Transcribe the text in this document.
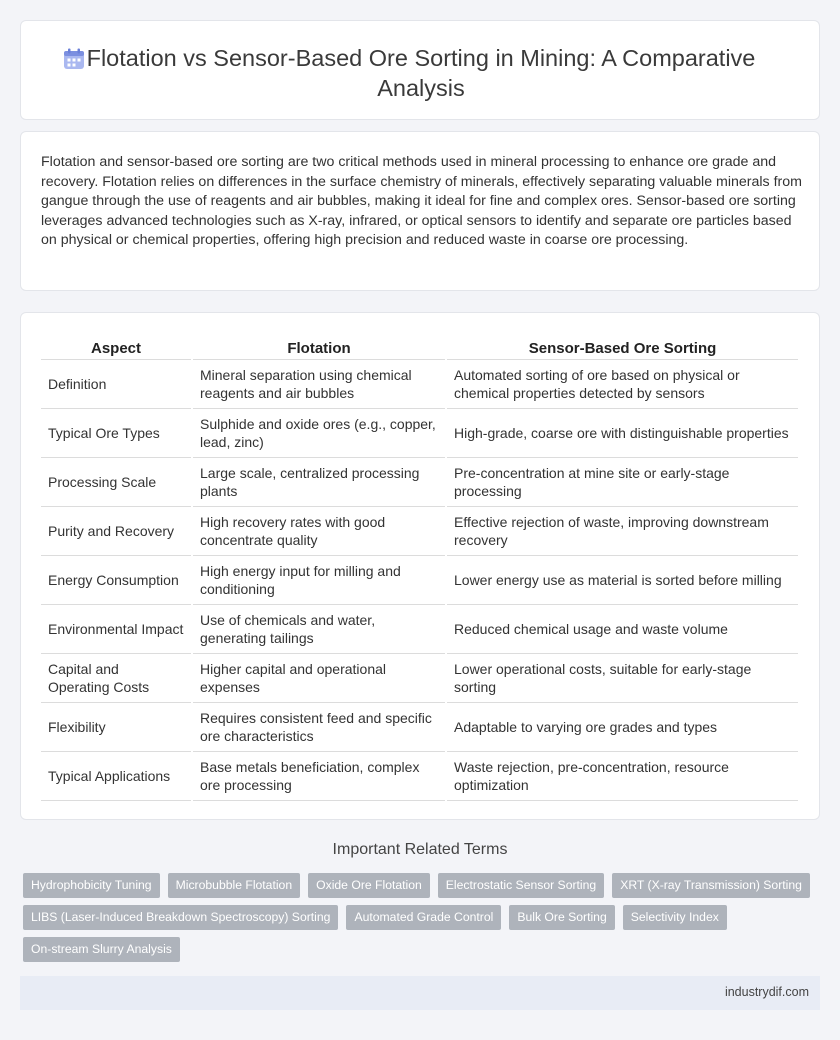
Flotation vs Sensor-Based Ore Sorting in Mining: A Comparative Analysis

Flotation and sensor-based ore sorting are two critical methods used in mineral processing to enhance ore grade and recovery. Flotation relies on differences in the surface chemistry of minerals, effectively separating valuable minerals from gangue through the use of reagents and air bubbles, making it ideal for fine and complex ores. Sensor-based ore sorting leverages advanced technologies such as X-ray, infrared, or optical sensors to identify and separate ore particles based on physical or chemical properties, offering high precision and reduced waste in coarse ore processing.

Aspect	Flotation	Sensor-Based Ore Sorting
Definition	Mineral separation using chemical reagents and air bubbles	Automated sorting of ore based on physical or chemical properties detected by sensors
Typical Ore Types	Sulphide and oxide ores (e.g., copper, lead, zinc)	High-grade, coarse ore with distinguishable properties
Processing Scale	Large scale, centralized processing plants	Pre-concentration at mine site or early-stage processing
Purity and Recovery	High recovery rates with good concentrate quality	Effective rejection of waste, improving downstream recovery
Energy Consumption	High energy input for milling and conditioning	Lower energy use as material is sorted before milling
Environmental Impact	Use of chemicals and water, generating tailings	Reduced chemical usage and waste volume
Capital and Operating Costs	Higher capital and operational expenses	Lower operational costs, suitable for early-stage sorting
Flexibility	Requires consistent feed and specific ore characteristics	Adaptable to varying ore grades and types
Typical Applications	Base metals beneficiation, complex ore processing	Waste rejection, pre-concentration, resource optimization
Important Related Terms
Hydrophobicity Tuning	Microbubble Flotation	Oxide Ore Flotation	Electrostatic Sensor Sorting	XRT (X-ray Transmission) Sorting
LIBS (Laser-Induced Breakdown Spectroscopy) Sorting	Automated Grade Control	Bulk Ore Sorting	Selectivity Index
On-stream Slurry Analysis
industrydif.com
